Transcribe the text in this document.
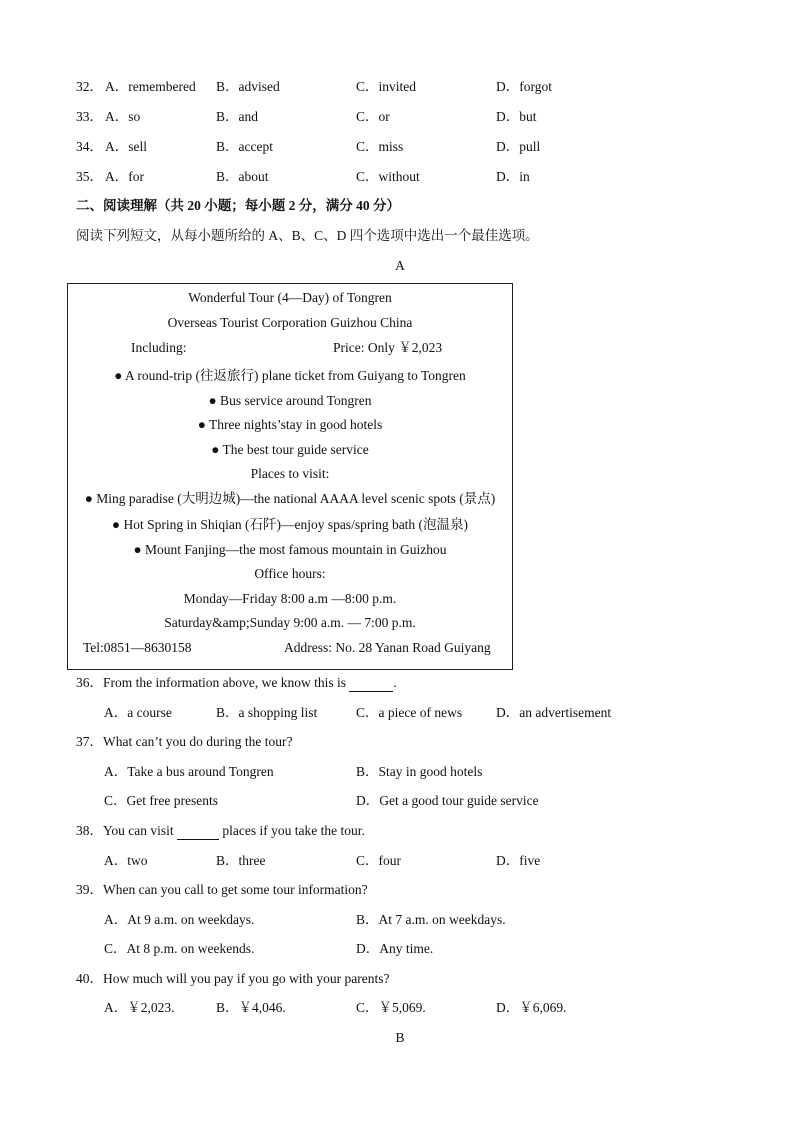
32． A．remembered B．advised	C．invited	D．forgot
33． A．so	B．and	C．or	D．but
34． A．sell	B．accept	C．miss	D．pull
35． A．for	B．about	C．without	D．in
二、阅读理解（共 20 小题；每小题 2 分，满分 40 分）
阅读下列短文，从每小题所给的 A、B、C、D 四个选项中选出一个最佳选项。
A
Wonderful Tour (4—Day) of Tongren
Overseas Tourist Corporation Guizhou China
Including:	Price: Only ￥2,023
● A round-trip (往返旅行) plane ticket from Guiyang to Tongren
● Bus service around Tongren
● Three nights’stay in good hotels
● The best tour guide service
Places to visit:
● Ming paradise (大明边城)—the national AAAA level scenic spots (景点)
● Hot Spring in Shiqian (石阡)—enjoy spas/spring bath (泡温泉)
● Mount Fanjing—the most famous mountain in Guizhou
Office hours:
Monday—Friday 8:00 a.m —8:00 p.m.
Saturday&amp;Sunday 9:00 a.m. — 7:00 p.m.
Tel:0851—8630158	Address: No. 28 Yanan Road Guiyang
36．From the information above, we know this is	.
A．a course	B．a shopping list	C．a piece of news	D．an advertisement
37．What can’t you do during the tour?
A．Take a bus around Tongren	B．Stay in good hotels
C．Get free presents	D．Get a good tour guide service
38．You can visit	places if you take the tour.
A．two	B．three	C．four	D．five
39．When can you call to get some tour information?
A．At 9 a.m. on weekdays.	B．At 7 a.m. on weekdays.
C．At 8 p.m. on weekends.	D．Any time.
40．How much will you pay if you go with your parents?
A．￥2,023.	B．￥4,046.	C．￥5,069.	D．￥6,069.
B
